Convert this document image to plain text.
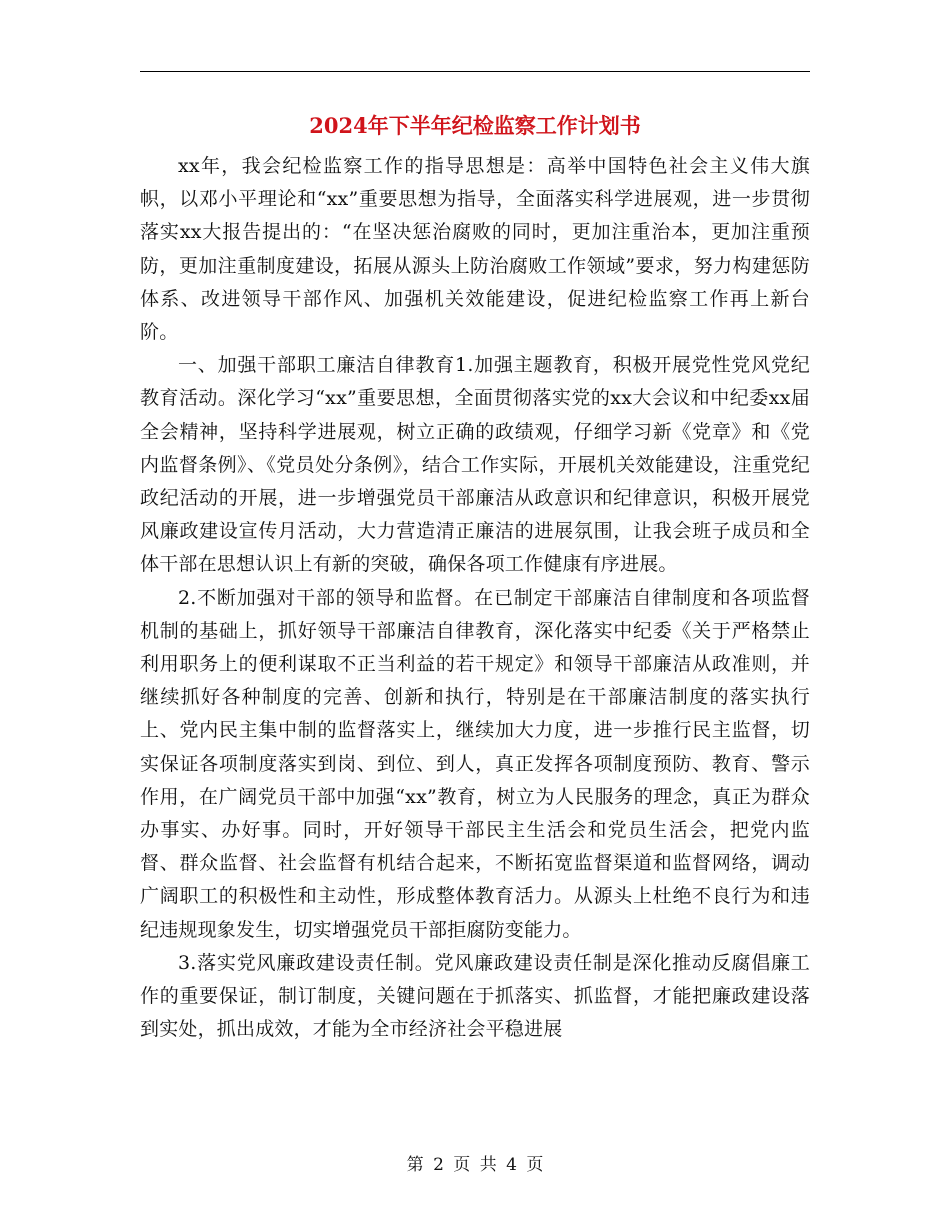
2024年下半年纪检监察工作计划书

xx年，我会纪检监察工作的指导思想是：高举中国特色社会主义伟大旗帜，以邓小平理论和“xx”重要思想为指导，全面落实科学进展观，进一步贯彻落实xx大报告提出的：“在坚决惩治腐败的同时，更加注重治本，更加注重预防，更加注重制度建设，拓展从源头上防治腐败工作领域”要求，努力构建惩防体系、改进领导干部作风、加强机关效能建设，促进纪检监察工作再上新台阶。

一、加强干部职工廉洁自律教育1.加强主题教育，积极开展党性党风党纪教育活动。深化学习“xx”重要思想，全面贯彻落实党的xx大会议和中纪委xx届全会精神，坚持科学进展观，树立正确的政绩观，仔细学习新《党章》和《党内监督条例》、《党员处分条例》，结合工作实际，开展机关效能建设，注重党纪政纪活动的开展，进一步增强党员干部廉洁从政意识和纪律意识，积极开展党风廉政建设宣传月活动，大力营造清正廉洁的进展氛围，让我会班子成员和全体干部在思想认识上有新的突破，确保各项工作健康有序进展。

2.不断加强对干部的领导和监督。在已制定干部廉洁自律制度和各项监督机制的基础上，抓好领导干部廉洁自律教育，深化落实中纪委《关于严格禁止利用职务上的便利谋取不正当利益的若干规定》和领导干部廉洁从政准则，并继续抓好各种制度的完善、创新和执行，特别是在干部廉洁制度的落实执行上、党内民主集中制的监督落实上，继续加大力度，进一步推行民主监督，切实保证各项制度落实到岗、到位、到人，真正发挥各项制度预防、教育、警示作用，在广阔党员干部中加强“xx”教育，树立为人民服务的理念，真正为群众办事实、办好事。同时，开好领导干部民主生活会和党员生活会，把党内监督、群众监督、社会监督有机结合起来，不断拓宽监督渠道和监督网络，调动广阔职工的积极性和主动性，形成整体教育活力。从源头上杜绝不良行为和违纪违规现象发生，切实增强党员干部拒腐防变能力。

3.落实党风廉政建设责任制。党风廉政建设责任制是深化推动反腐倡廉工作的重要保证，制订制度，关键问题在于抓落实、抓监督，才能把廉政建设落到实处，抓出成效，才能为全市经济社会平稳进展

第 2 页 共 4 页
